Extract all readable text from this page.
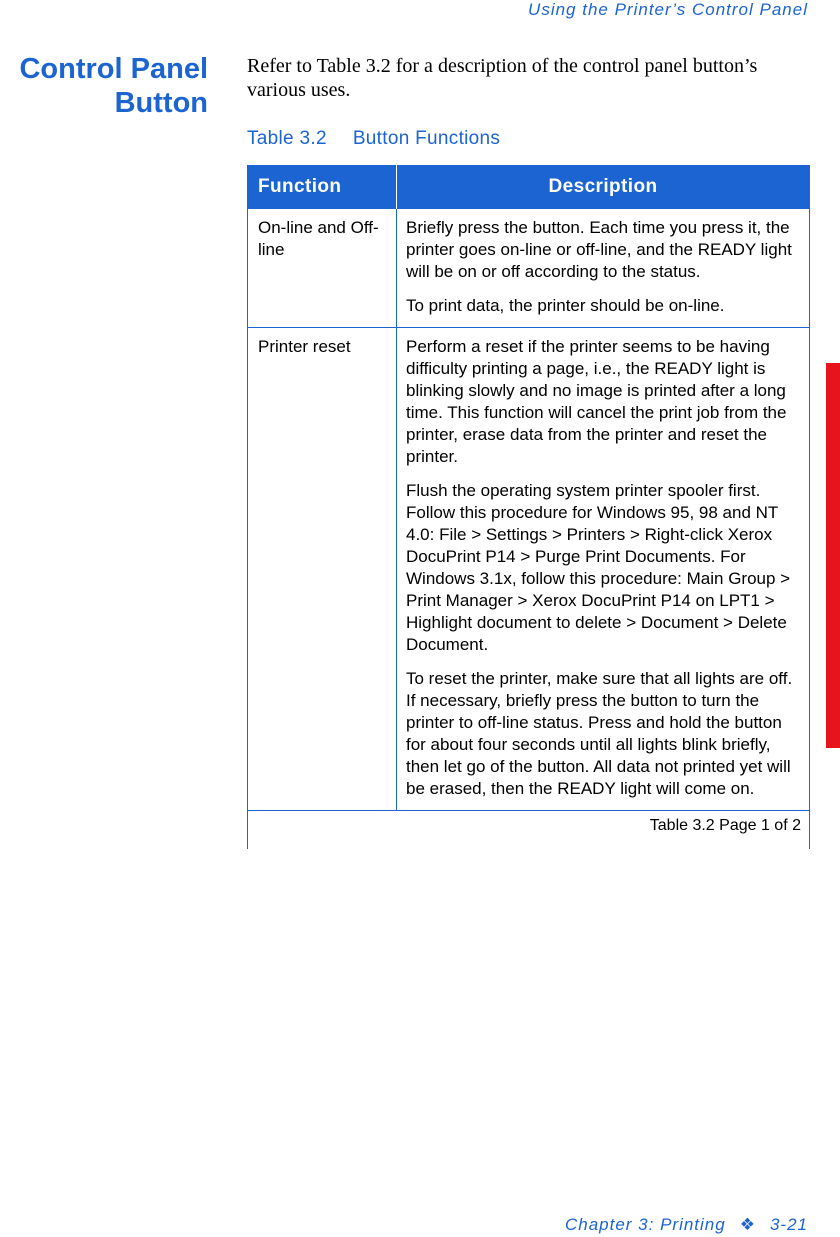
Using the Printer’s Control Panel
Control Panel
Button
Refer to Table 3.2 for a description of the control panel button’s various uses.
Table 3.2 Button Functions
Function	Description
On-line and Off-line

Briefly press the button. Each time you press it, the printer goes on-line or off-line, and the READY light will be on or off according to the status.

To print data, the printer should be on-line.

Printer reset	Perform a reset if the printer seems to be having difficulty printing a page, i.e., the READY light is blinking slowly and no image is printed after a long time. This function will cancel the print job from the printer, erase data from the printer and reset the printer.

Flush the operating system printer spooler first. Follow this procedure for Windows 95, 98 and NT 4.0: File > Settings > Printers > Right-click Xerox DocuPrint P14 > Purge Print Documents. For Windows 3.1x, follow this procedure: Main Group > Print Manager > Xerox DocuPrint P14 on LPT1 > Highlight document to delete > Document > Delete Document.

To reset the printer, make sure that all lights are off. If necessary, briefly press the button to turn the printer to off-line status. Press and hold the button for about four seconds until all lights blink briefly, then let go of the button. All data not printed yet will be erased, then the READY light will come on.

Table 3.2 Page 1 of 2
Chapter 3: Printing ❖ 3-21
